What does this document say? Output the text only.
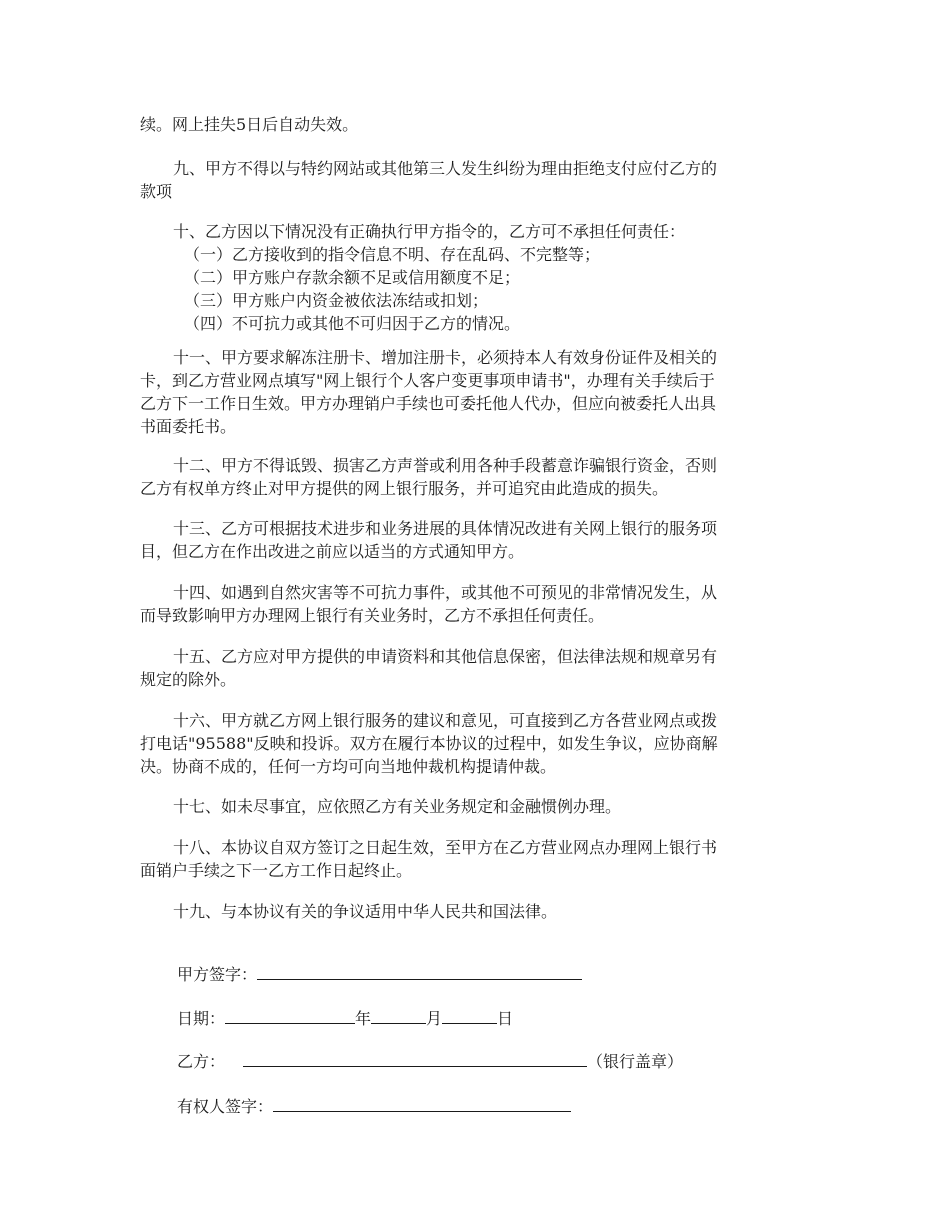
续。网上挂失5日后自动失效。

九、甲方不得以与特约网站或其他第三人发生纠纷为理由拒绝支付应付乙方的
款项

十、乙方因以下情况没有正确执行甲方指令的，乙方可不承担任何责任：
（一）乙方接收到的指令信息不明、存在乱码、不完整等；
（二）甲方账户存款余额不足或信用额度不足；
（三）甲方账户内资金被依法冻结或扣划；
（四）不可抗力或其他不可归因于乙方的情况。

十一、甲方要求解冻注册卡、增加注册卡，必须持本人有效身份证件及相关的
卡，到乙方营业网点填写"网上银行个人客户变更事项申请书"，办理有关手续后于
乙方下一工作日生效。甲方办理销户手续也可委托他人代办，但应向被委托人出具
书面委托书。

十二、甲方不得诋毁、损害乙方声誉或利用各种手段蓄意诈骗银行资金，否则
乙方有权单方终止对甲方提供的网上银行服务，并可追究由此造成的损失。

十三、乙方可根据技术进步和业务进展的具体情况改进有关网上银行的服务项
目，但乙方在作出改进之前应以适当的方式通知甲方。

十四、如遇到自然灾害等不可抗力事件，或其他不可预见的非常情况发生，从
而导致影响甲方办理网上银行有关业务时，乙方不承担任何责任。

十五、乙方应对甲方提供的申请资料和其他信息保密，但法律法规和规章另有
规定的除外。

十六、甲方就乙方网上银行服务的建议和意见，可直接到乙方各营业网点或拨
打电话"95588"反映和投诉。双方在履行本协议的过程中，如发生争议，应协商解
决。协商不成的，任何一方均可向当地仲裁机构提请仲裁。

十七、如未尽事宜，应依照乙方有关业务规定和金融惯例办理。

十八、本协议自双方签订之日起生效，至甲方在乙方营业网点办理网上银行书
面销户手续之下一乙方工作日起终止。

十九、与本协议有关的争议适用中华人民共和国法律。

甲方签字：
日期：	年	月	日
乙方：	（银行盖章）
有权人签字：
